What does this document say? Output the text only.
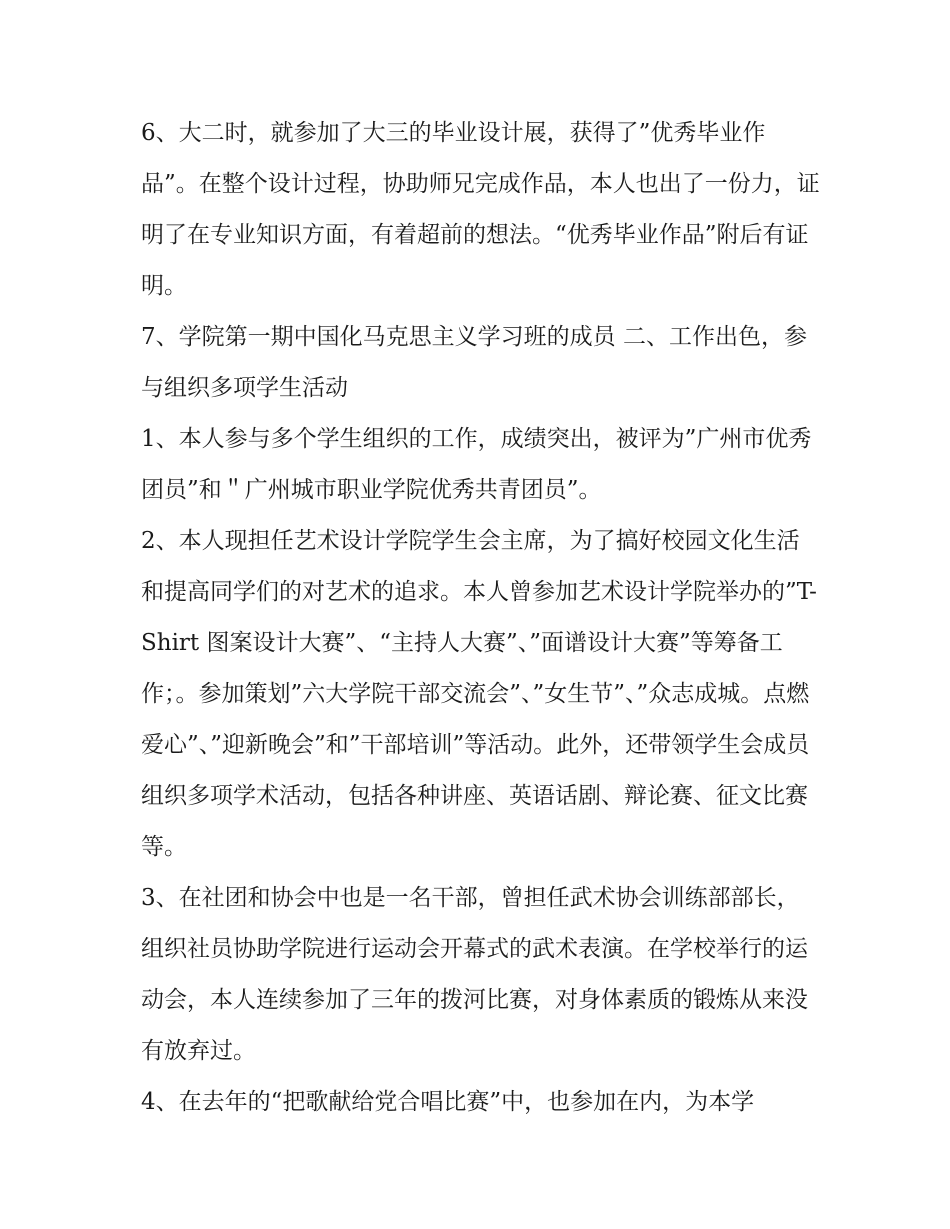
6、大二时，就参加了大三的毕业设计展，获得了”优秀毕业作品”。在整个设计过程，协助师兄完成作品，本人也出了一份力，证明了在专业知识方面，有着超前的想法。“优秀毕业作品”附后有证明。

7、学院第一期中国化马克思主义学习班的成员 二、工作出色，参与组织多项学生活动

1、本人参与多个学生组织的工作，成绩突出，被评为”广州市优秀团员”和＂广州城市职业学院优秀共青团员”。

2、本人现担任艺术设计学院学生会主席，为了搞好校园文化生活和提高同学们的对艺术的追求。本人曾参加艺术设计学院举办的”T-Shirt 图案设计大赛”、“主持人大赛”、”面谱设计大赛”等筹备工作；。参加策划”六大学院干部交流会”、”女生节”、”众志成城。点燃爱心”、”迎新晚会”和”干部培训”等活动。此外，还带领学生会成员组织多项学术活动，包括各种讲座、英语话剧、辩论赛、征文比赛等。

3、在社团和协会中也是一名干部，曾担任武术协会训练部部长，组织社员协助学院进行运动会开幕式的武术表演。在学校举行的运动会，本人连续参加了三年的拨河比赛，对身体素质的锻炼从来没有放弃过。

4、在去年的“把歌献给党合唱比赛”中，也参加在内，为本学
